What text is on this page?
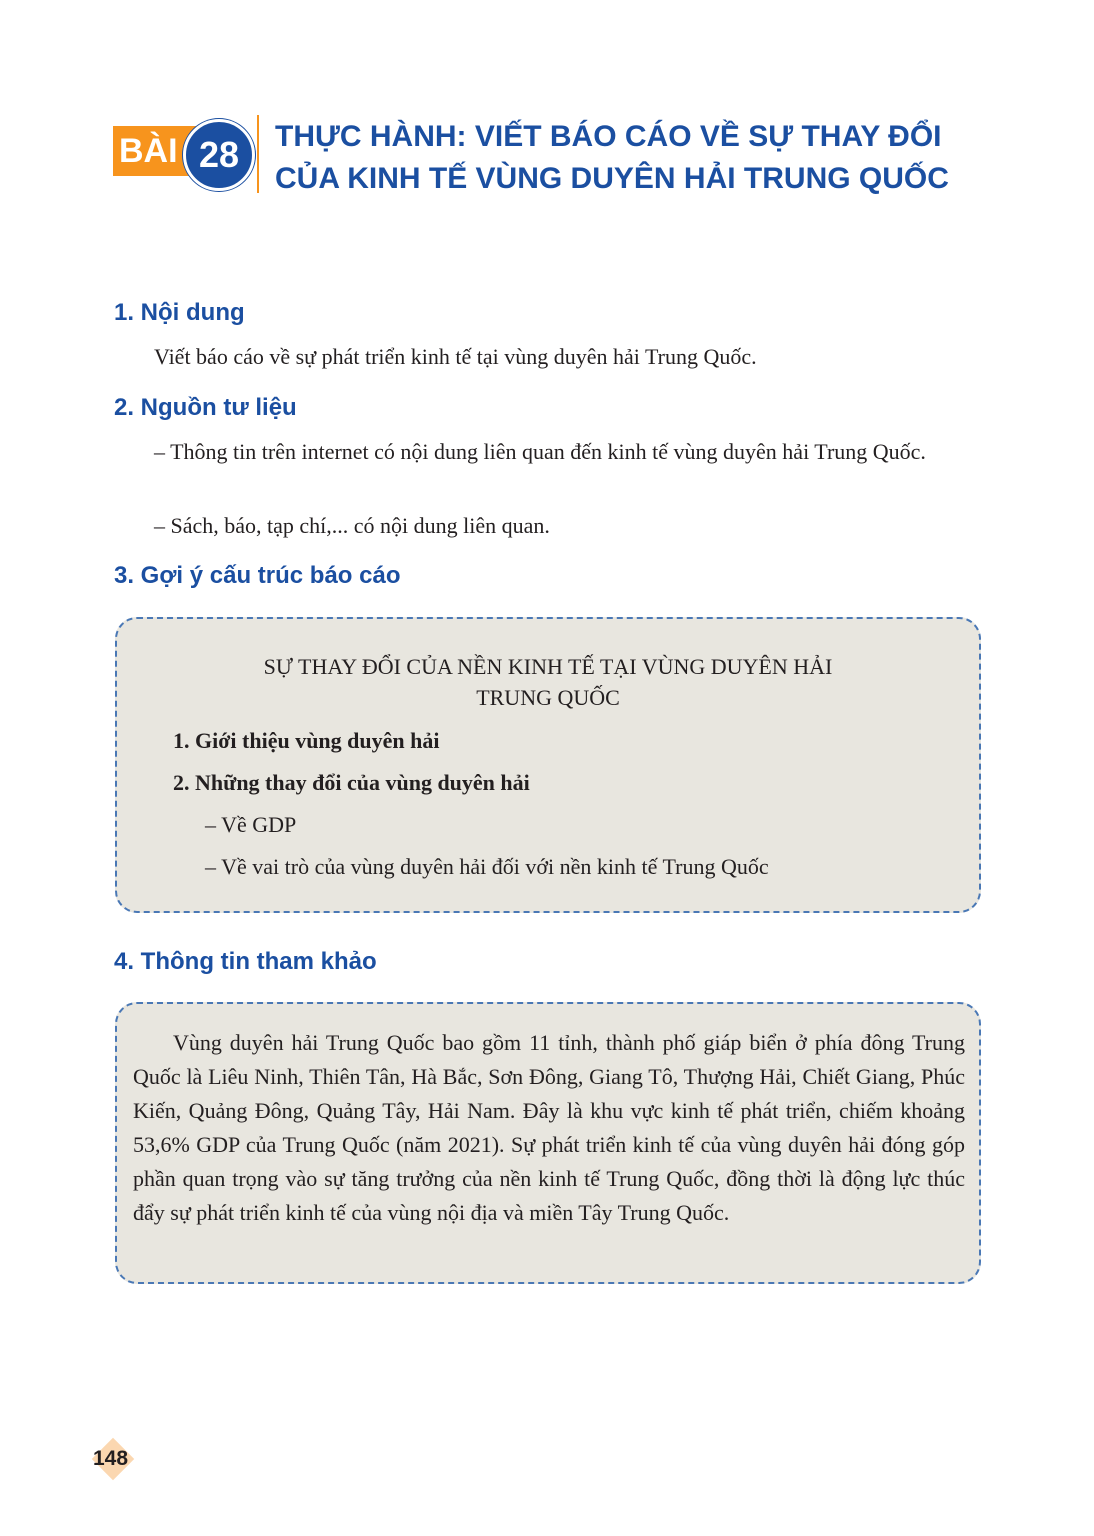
BÀI 28	THỰC HÀNH: VIẾT BÁO CÁO VỀ SỰ THAY ĐỔI
CỦA KINH TẾ VÙNG DUYÊN HẢI TRUNG QUỐC
1. Nội dung

Viết báo cáo về sự phát triển kinh tế tại vùng duyên hải Trung Quốc.

2. Nguồn tư liệu

– Thông tin trên internet có nội dung liên quan đến kinh tế vùng duyên hải Trung Quốc.

– Sách, báo, tạp chí,... có nội dung liên quan.

3. Gợi ý cấu trúc báo cáo

SỰ THAY ĐỔI CỦA NỀN KINH TẾ TẠI VÙNG DUYÊN HẢI
TRUNG QUỐC

1. Giới thiệu vùng duyên hải

2. Những thay đổi của vùng duyên hải

– Về GDP

– Về vai trò của vùng duyên hải đối với nền kinh tế Trung Quốc

4. Thông tin tham khảo

Vùng duyên hải Trung Quốc bao gồm 11 tỉnh, thành phố giáp biển ở phía đông Trung Quốc là Liêu Ninh, Thiên Tân, Hà Bắc, Sơn Đông, Giang Tô, Thượng Hải, Chiết Giang, Phúc Kiến, Quảng Đông, Quảng Tây, Hải Nam. Đây là khu vực kinh tế phát triển, chiếm khoảng 53,6% GDP của Trung Quốc (năm 2021). Sự phát triển kinh tế của vùng duyên hải đóng góp phần quan trọng vào sự tăng trưởng của nền kinh tế Trung Quốc, đồng thời là động lực thúc đẩy sự phát triển kinh tế của vùng nội địa và miền Tây Trung Quốc.

148
